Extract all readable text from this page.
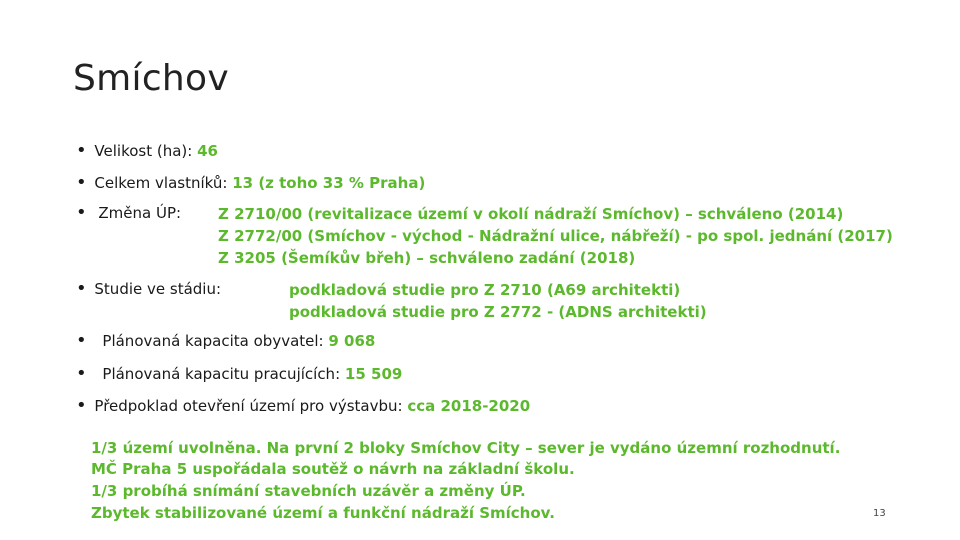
Smíchov
• Velikost (ha): 46
• Celkem vlastníků: 13 (z toho 33 % Praha)
• Změna ÚP: Z 2710/00 (revitalizace území v okolí nádraží Smíchov) – schváleno (2014)
Z 2772/00 (Smíchov - východ - Nádražní ulice, nábřeží) - po spol. jednání (2017)
Z 3205 (Šemíkův břeh) – schváleno zadání (2018)
• Studie ve stádiu:	podkladová studie pro Z 2710 (A69 architekti)
podkladová studie pro Z 2772 - (ADNS architekti)
• Plánovaná kapacita obyvatel: 9 068
• Plánovaná kapacitu pracujících: 15 509
• Předpoklad otevření území pro výstavbu: cca 2018-2020
1/3 území uvolněna. Na první 2 bloky Smíchov City – sever je vydáno územní rozhodnutí.
MČ Praha 5 uspořádala soutěž o návrh na základní školu.
1/3 probíhá snímání stavebních uzávěr a změny ÚP.
Zbytek stabilizované území a funkční nádraží Smíchov.	13
